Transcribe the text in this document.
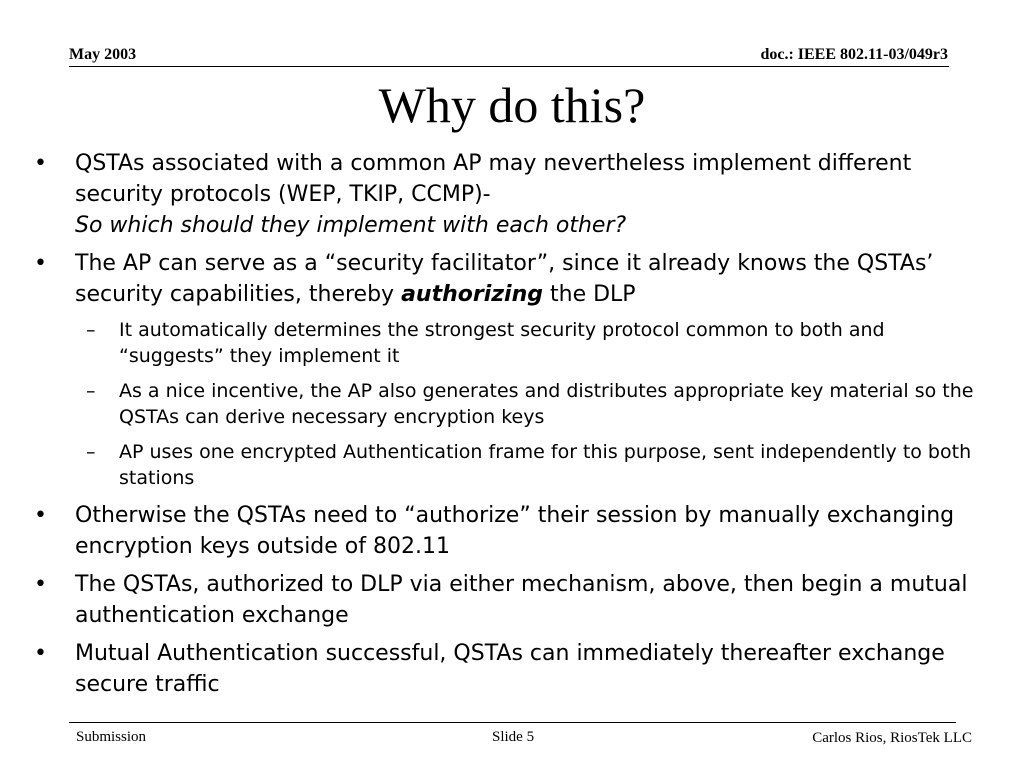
May 2003	doc.: IEEE 802.11-03/049r3
Why do this?
• QSTAs associated with a common AP may nevertheless implement different security protocols (WEP, TKIP, CCMP)-
So which should they implement with each other?
• The AP can serve as a “security facilitator”, since it already knows the QSTAs’ security capabilities, thereby authorizing the DLP
– It automatically determines the strongest security protocol common to both and “suggests” they implement it
– As a nice incentive, the AP also generates and distributes appropriate key material so the QSTAs can derive necessary encryption keys
– AP uses one encrypted Authentication frame for this purpose, sent independently to both stations
• Otherwise the QSTAs need to “authorize” their session by manually exchanging encryption keys outside of 802.11
• The QSTAs, authorized to DLP via either mechanism, above, then begin a mutual authentication exchange
• Mutual Authentication successful, QSTAs can immediately thereafter exchange secure traffic
Submission	Slide 5	Carlos Rios, RiosTek LLC
